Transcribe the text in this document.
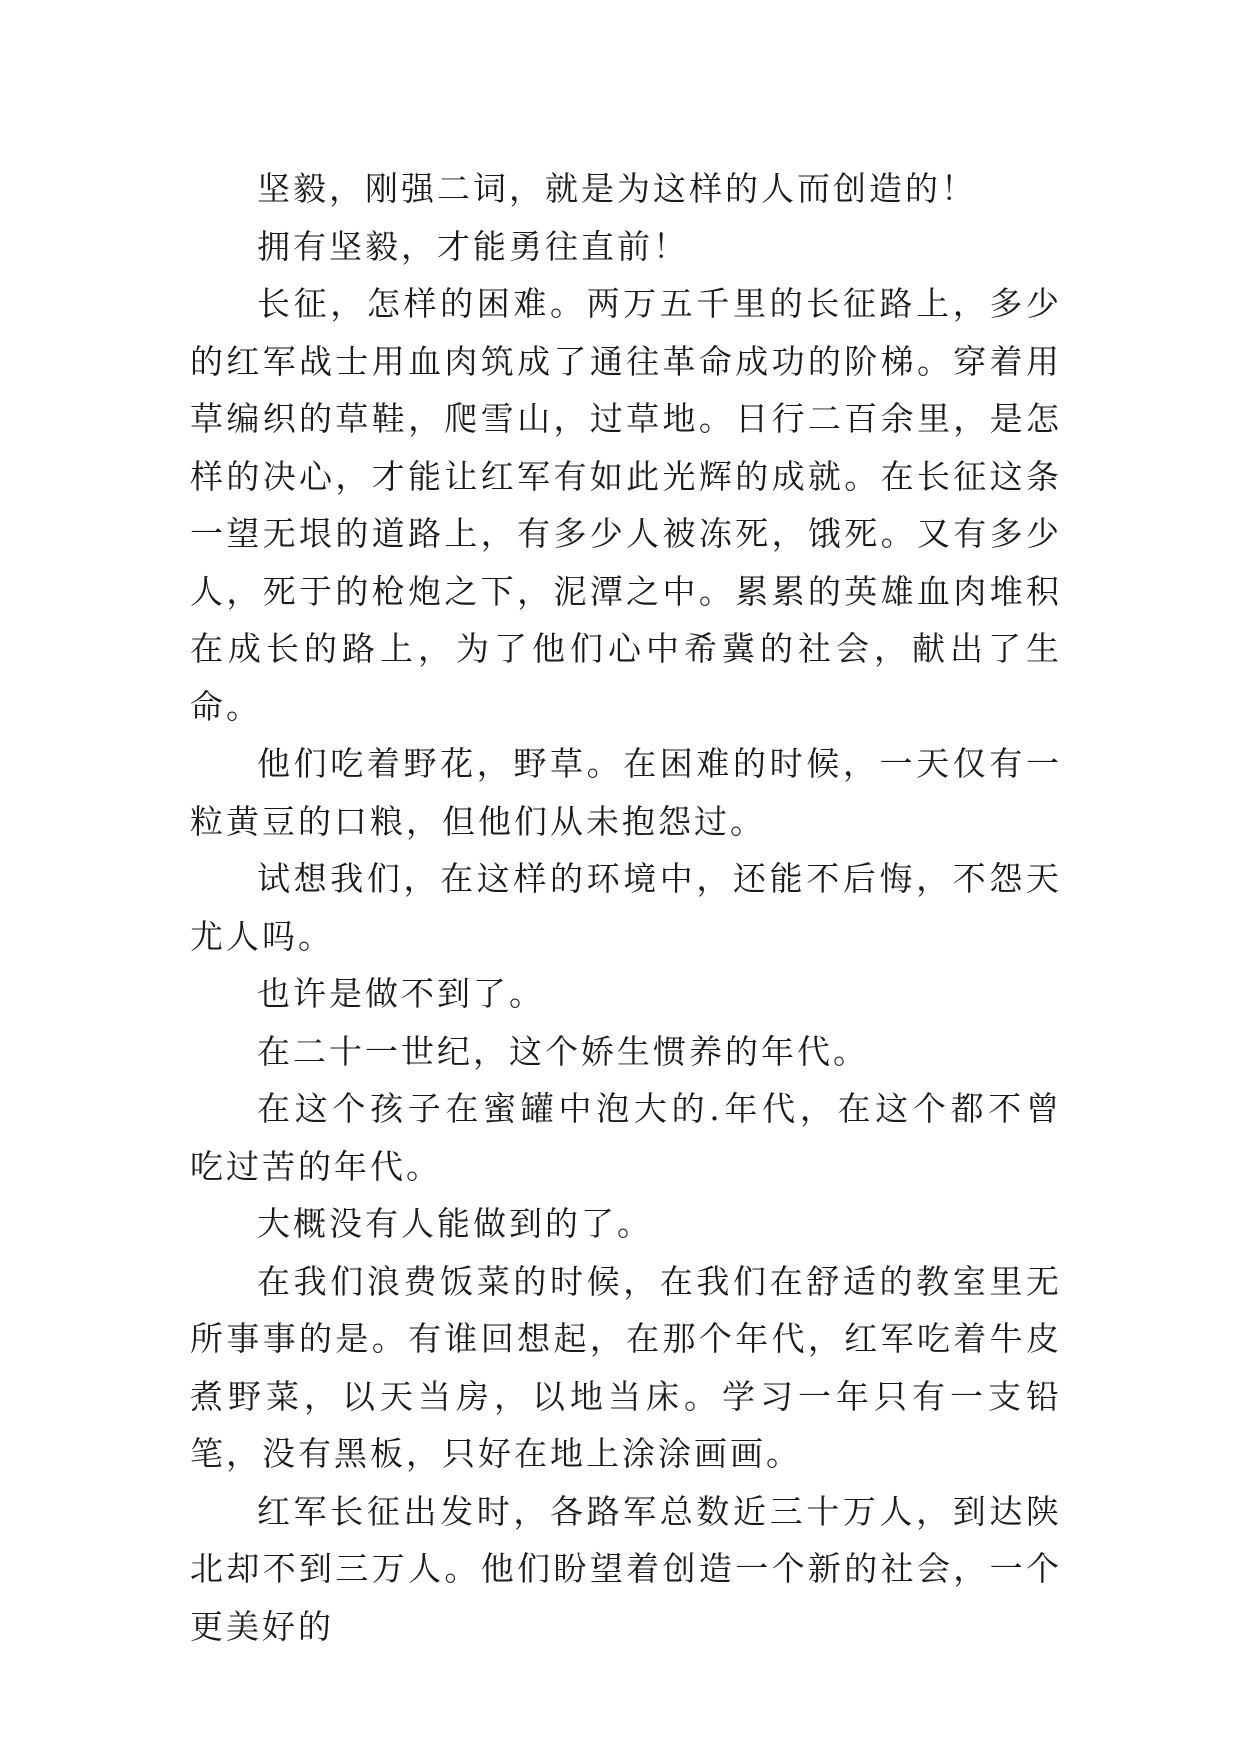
坚毅，刚强二词，就是为这样的人而创造的！

拥有坚毅，才能勇往直前！

长征，怎样的困难。两万五千里的长征路上，多少的红军战士用血肉筑成了通往革命成功的阶梯。穿着用草编织的草鞋，爬雪山，过草地。日行二百余里，是怎样的决心，才能让红军有如此光辉的成就。在长征这条一望无垠的道路上，有多少人被冻死，饿死。又有多少人，死于的枪炮之下，泥潭之中。累累的英雄血肉堆积在成长的路上，为了他们心中希冀的社会，献出了生命。

他们吃着野花，野草。在困难的时候，一天仅有一粒黄豆的口粮，但他们从未抱怨过。

试想我们，在这样的环境中，还能不后悔，不怨天尤人吗。

也许是做不到了。

在二十一世纪，这个娇生惯养的年代。

在这个孩子在蜜罐中泡大的.年代，在这个都不曾吃过苦的年代。

大概没有人能做到的了。

在我们浪费饭菜的时候，在我们在舒适的教室里无所事事的是。有谁回想起，在那个年代，红军吃着牛皮煮野菜，以天当房，以地当床。学习一年只有一支铅笔，没有黑板，只好在地上涂涂画画。

红军长征出发时，各路军总数近三十万人，到达陕北却不到三万人。他们盼望着创造一个新的社会，一个更美好的
